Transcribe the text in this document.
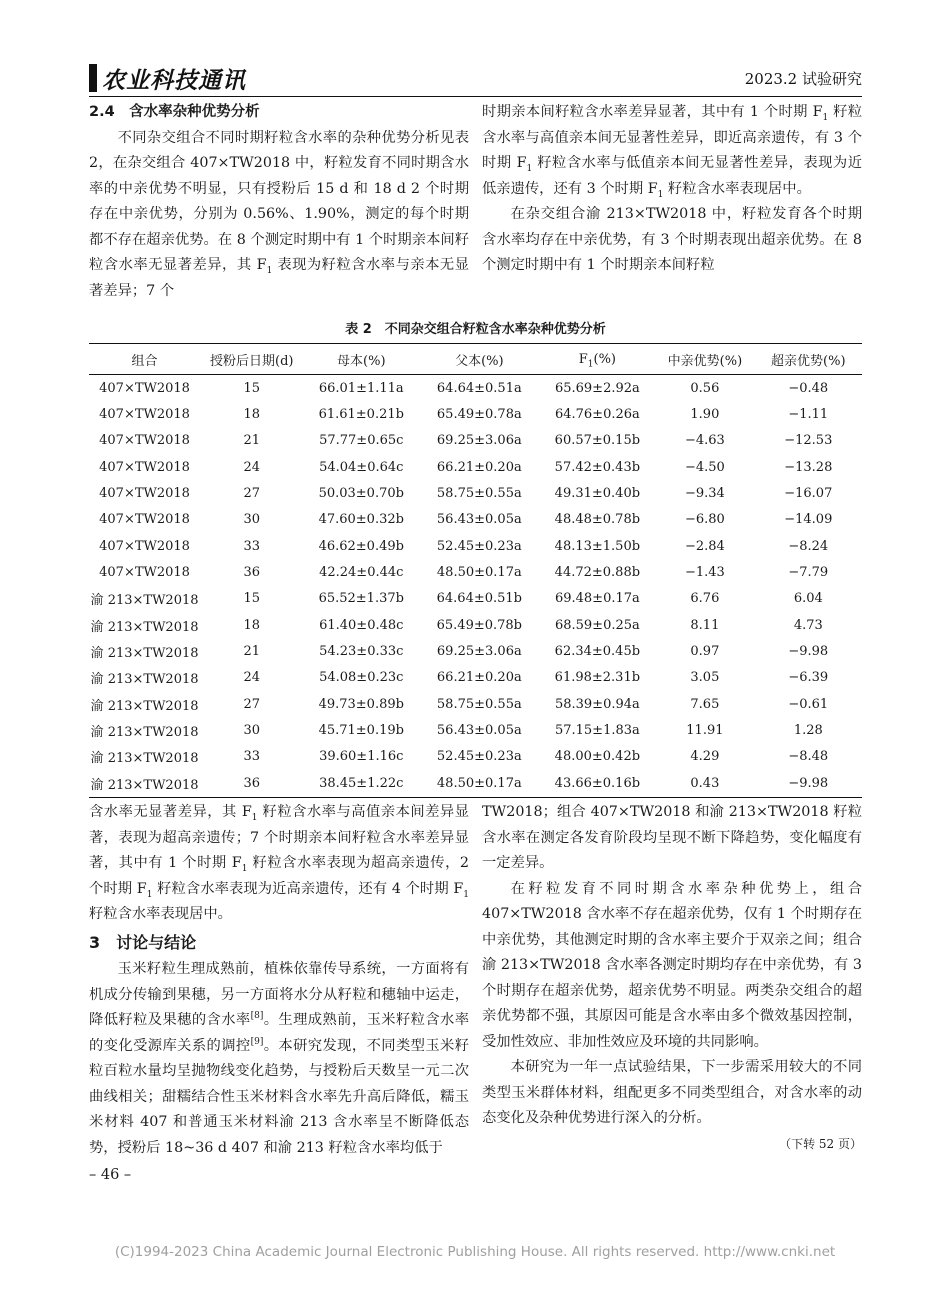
农业科技通讯	2023.2 试验研究

2.4　含水率杂种优势分析

不同杂交组合不同时期籽粒含水率的杂种优势分析见表 2，在杂交组合 407×TW2018 中，籽粒发育不同时期含水率的中亲优势不明显，只有授粉后 15 d 和 18 d 2 个时期存在中亲优势，分别为 0.56%、1.90%，测定的每个时期都不存在超亲优势。在 8 个测定时期中有 1 个时期亲本间籽粒含水率无显著差异，其 $F_1$ 表现为籽粒含水率与亲本无显著差异；7 个

时期亲本间籽粒含水率差异显著，其中有 1 个时期 $F_1$ 籽粒含水率与高值亲本间无显著性差异，即近高亲遗传，有 3 个时期 $F_1$ 籽粒含水率与低值亲本间无显著性差异，表现为近低亲遗传，还有 3 个时期 $F_1$ 籽粒含水率表现居中。

在杂交组合渝 213×TW2018 中，籽粒发育各个时期含水率均存在中亲优势，有 3 个时期表现出超亲优势。在 8 个测定时期中有 1 个时期亲本间籽粒

表 2　不同杂交组合籽粒含水率杂种优势分析
组合	授粉后日期(d)	母本(%)	父本(%)	$F_1(\%)$	中亲优势(%)	超亲优势(%)
407×TW2018	15	66.01±1.11a	64.64±0.51a	65.69±2.92a	0.56	−0.48
407×TW2018	18	61.61±0.21b	65.49±0.78a	64.76±0.26a	1.90	−1.11
407×TW2018	21	57.77±0.65c	69.25±3.06a	60.57±0.15b	−4.63	−12.53
407×TW2018	24	54.04±0.64c	66.21±0.20a	57.42±0.43b	−4.50	−13.28
407×TW2018	27	50.03±0.70b	58.75±0.55a	49.31±0.40b	−9.34	−16.07
407×TW2018	30	47.60±0.32b	56.43±0.05a	48.48±0.78b	−6.80	−14.09
407×TW2018	33	46.62±0.49b	52.45±0.23a	48.13±1.50b	−2.84	−8.24
407×TW2018	36	42.24±0.44c	48.50±0.17a	44.72±0.88b	−1.43	−7.79
渝 213×TW2018	15	65.52±1.37b	64.64±0.51b	69.48±0.17a	6.76	6.04
渝 213×TW2018	18	61.40±0.48c	65.49±0.78b	68.59±0.25a	8.11	4.73
渝 213×TW2018	21	54.23±0.33c	69.25±3.06a	62.34±0.45b	0.97	−9.98
渝 213×TW2018	24	54.08±0.23c	66.21±0.20a	61.98±2.31b	3.05	−6.39
渝 213×TW2018	27	49.73±0.89b	58.75±0.55a	58.39±0.94a	7.65	−0.61
渝 213×TW2018	30	45.71±0.19b	56.43±0.05a	57.15±1.83a	11.91	1.28
渝 213×TW2018	33	39.60±1.16c	52.45±0.23a	48.00±0.42b	4.29	−8.48
渝 213×TW2018	36	38.45±1.22c	48.50±0.17a	43.66±0.16b	0.43	−9.98

含水率无显著差异，其 $F_1$ 籽粒含水率与高值亲本间差异显著，表现为超高亲遗传；7 个时期亲本间籽粒含水率差异显著，其中有 1 个时期 $F_1$ 籽粒含水率表现为超高亲遗传，2 个时期 $F_1$ 籽粒含水率表现为近高亲遗传，还有 4 个时期 $F_1$ 籽粒含水率表现居中。

3　讨论与结论

玉米籽粒生理成熟前，植株依靠传导系统，一方面将有机成分传输到果穗，另一方面将水分从籽粒和穗轴中运走，降低籽粒及果穗的含水率[8]。生理成熟前，玉米籽粒含水率的变化受源库关系的调控[9]。本研究发现，不同类型玉米籽粒百粒水量均呈抛物线变化趋势，与授粉后天数呈一元二次曲线相关；甜糯结合性玉米材料含水率先升高后降低，糯玉米材料 407 和普通玉米材料渝 213 含水率呈不断降低态势，授粉后 18~36 d 407 和渝 213 籽粒含水率均低于

TW2018；组合 407×TW2018 和渝 213×TW2018 籽粒含水率在测定各发育阶段均呈现不断下降趋势，变化幅度有一定差异。

在籽粒发育不同时期含水率杂种优势上，组合 407×TW2018 含水率不存在超亲优势，仅有 1 个时期存在中亲优势，其他测定时期的含水率主要介于双亲之间；组合渝 213×TW2018 含水率各测定时期均存在中亲优势，有 3 个时期存在超亲优势，超亲优势不明显。两类杂交组合的超亲优势都不强，其原因可能是含水率由多个微效基因控制，受加性效应、非加性效应及环境的共同影响。

本研究为一年一点试验结果，下一步需采用较大的不同类型玉米群体材料，组配更多不同类型组合，对含水率的动态变化及杂种优势进行深入的分析。

（下转 52 页）
– 46 –
(C)1994-2023 China Academic Journal Electronic Publishing House. All rights reserved. http://www.cnki.net
